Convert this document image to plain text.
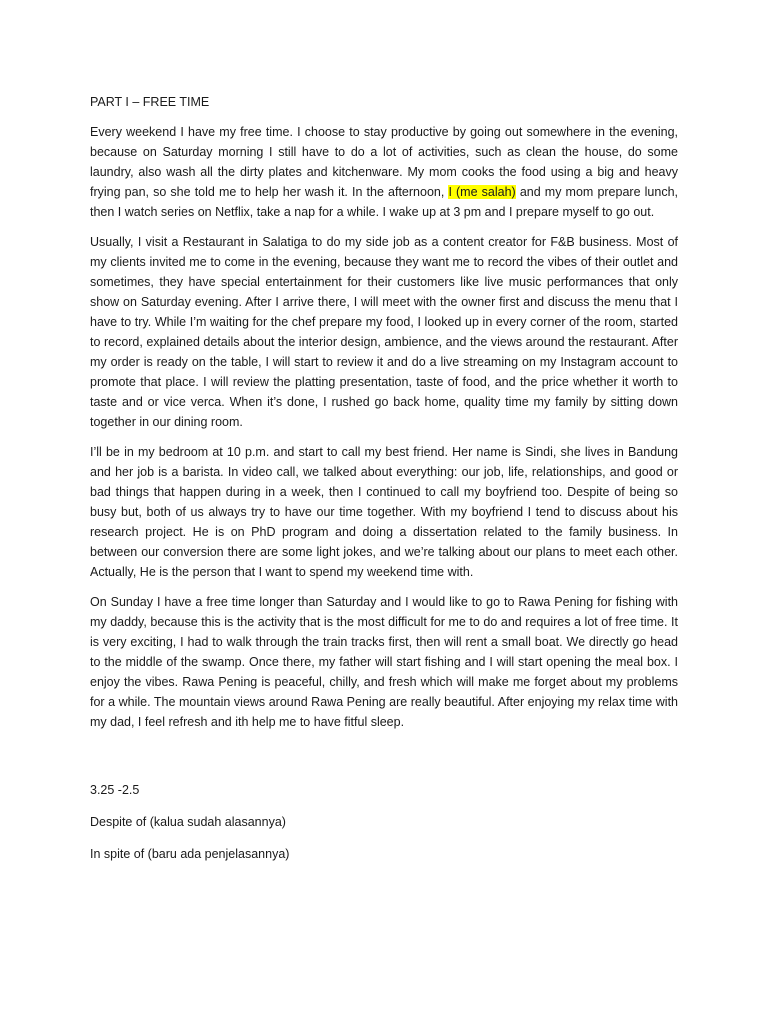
PART I – FREE TIME

Every weekend I have my free time. I choose to stay productive by going out somewhere in the evening, because on Saturday morning I still have to do a lot of activities, such as clean the house, do some laundry, also wash all the dirty plates and kitchenware. My mom cooks the food using a big and heavy frying pan, so she told me to help her wash it. In the afternoon, I (me salah) and my mom prepare lunch, then I watch series on Netflix, take a nap for a while. I wake up at 3 pm and I prepare myself to go out.

Usually, I visit a Restaurant in Salatiga to do my side job as a content creator for F&B business. Most of my clients invited me to come in the evening, because they want me to record the vibes of their outlet and sometimes, they have special entertainment for their customers like live music performances that only show on Saturday evening. After I arrive there, I will meet with the owner first and discuss the menu that I have to try. While I’m waiting for the chef prepare my food, I looked up in every corner of the room, started to record, explained details about the interior design, ambience, and the views around the restaurant. After my order is ready on the table, I will start to review it and do a live streaming on my Instagram account to promote that place. I will review the platting presentation, taste of food, and the price whether it worth to taste and or vice verca. When it’s done, I rushed go back home, quality time my family by sitting down together in our dining room.

I’ll be in my bedroom at 10 p.m. and start to call my best friend. Her name is Sindi, she lives in Bandung and her job is a barista. In video call, we talked about everything: our job, life, relationships, and good or bad things that happen during in a week, then I continued to call my boyfriend too. Despite of being so busy but, both of us always try to have our time together. With my boyfriend I tend to discuss about his research project. He is on PhD program and doing a dissertation related to the family business. In between our conversion there are some light jokes, and we’re talking about our plans to meet each other. Actually, He is the person that I want to spend my weekend time with.

On Sunday I have a free time longer than Saturday and I would like to go to Rawa Pening for fishing with my daddy, because this is the activity that is the most difficult for me to do and requires a lot of free time. It is very exciting, I had to walk through the train tracks first, then will rent a small boat. We directly go head to the middle of the swamp. Once there, my father will start fishing and I will start opening the meal box. I enjoy the vibes. Rawa Pening is peaceful, chilly, and fresh which will make me forget about my problems for a while. The mountain views around Rawa Pening are really beautiful. After enjoying my relax time with my dad, I feel refresh and ith help me to have fitful sleep.

3.25 -2.5

Despite of (kalua sudah alasannya)

In spite of (baru ada penjelasannya)
